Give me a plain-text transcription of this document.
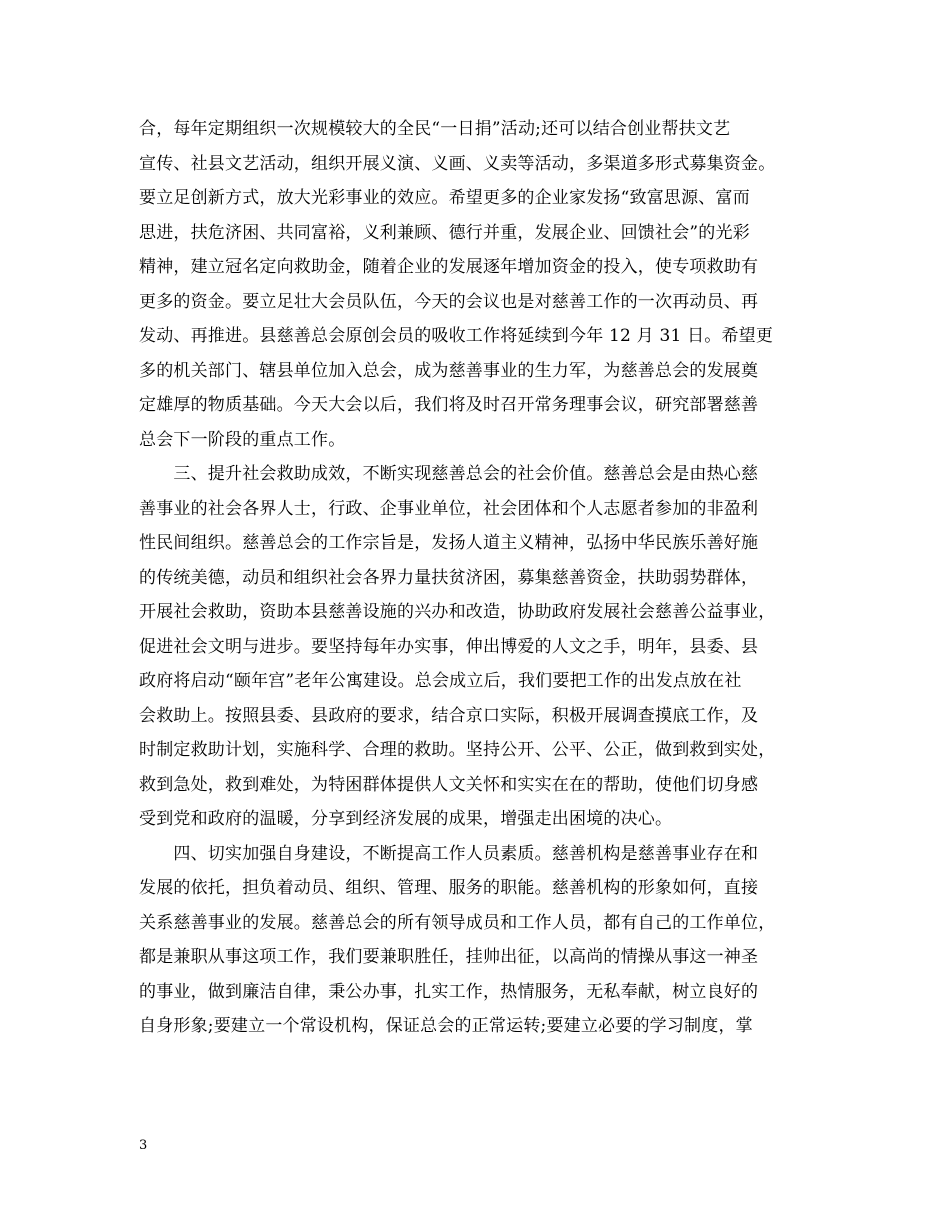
合，每年定期组织一次规模较大的全民“一日捐”活动;还可以结合创业帮扶文艺
宣传、社县文艺活动，组织开展义演、义画、义卖等活动，多渠道多形式募集资金。
要立足创新方式，放大光彩事业的效应。希望更多的企业家发扬“致富思源、富而
思进，扶危济困、共同富裕，义利兼顾、德行并重，发展企业、回馈社会”的光彩
精神，建立冠名定向救助金，随着企业的发展逐年增加资金的投入，使专项救助有
更多的资金。要立足壮大会员队伍，今天的会议也是对慈善工作的一次再动员、再
发动、再推进。县慈善总会原创会员的吸收工作将延续到今年 12 月 31 日。希望更
多的机关部门、辖县单位加入总会，成为慈善事业的生力军，为慈善总会的发展奠
定雄厚的物质基础。今天大会以后，我们将及时召开常务理事会议，研究部署慈善
总会下一阶段的重点工作。
　　三、提升社会救助成效，不断实现慈善总会的社会价值。慈善总会是由热心慈
善事业的社会各界人士，行政、企事业单位，社会团体和个人志愿者参加的非盈利
性民间组织。慈善总会的工作宗旨是，发扬人道主义精神，弘扬中华民族乐善好施
的传统美德，动员和组织社会各界力量扶贫济困，募集慈善资金，扶助弱势群体，
开展社会救助，资助本县慈善设施的兴办和改造，协助政府发展社会慈善公益事业，
促进社会文明与进步。要坚持每年办实事，伸出博爱的人文之手，明年，县委、县
政府将启动“颐年宫”老年公寓建设。总会成立后，我们要把工作的出发点放在社
会救助上。按照县委、县政府的要求，结合京口实际，积极开展调查摸底工作，及
时制定救助计划，实施科学、合理的救助。坚持公开、公平、公正，做到救到实处，
救到急处，救到难处，为特困群体提供人文关怀和实实在在的帮助，使他们切身感
受到党和政府的温暖，分享到经济发展的成果，增强走出困境的决心。
　　四、切实加强自身建设，不断提高工作人员素质。慈善机构是慈善事业存在和
发展的依托，担负着动员、组织、管理、服务的职能。慈善机构的形象如何，直接
关系慈善事业的发展。慈善总会的所有领导成员和工作人员，都有自己的工作单位，
都是兼职从事这项工作，我们要兼职胜任，挂帅出征，以高尚的情操从事这一神圣
的事业，做到廉洁自律，秉公办事，扎实工作，热情服务，无私奉献，树立良好的
自身形象;要建立一个常设机构，保证总会的正常运转;要建立必要的学习制度，掌
3
